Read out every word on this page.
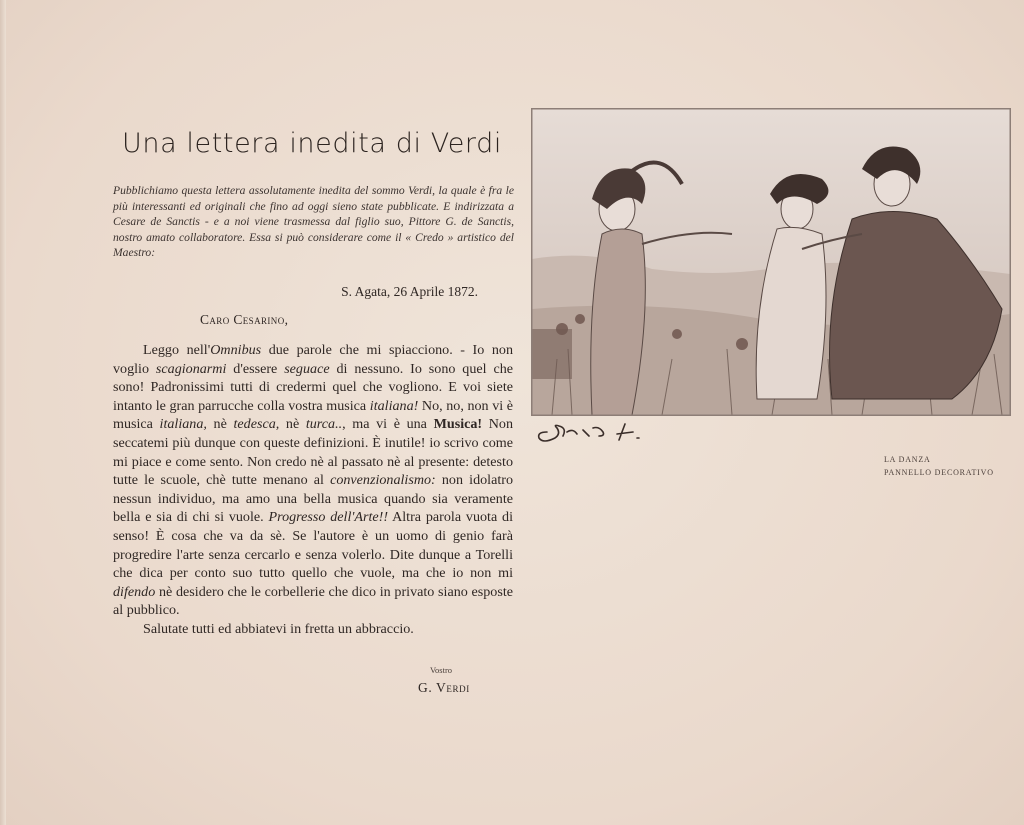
Una lettera inedita di Verdi

Pubblichiamo questa lettera assolutamente inedita del sommo Verdi, la quale è fra le più interessanti ed originali che fino ad oggi sieno state pubblicate. E indirizzata a Cesare de Sanctis - e a noi viene trasmessa dal figlio suo, Pittore G. de Sanctis, nostro amato collaboratore. Essa si può considerare come il « Credo » artistico del Maestro:

S. Agata, 26 Aprile 1872.

Caro Cesarino,

Leggo nell'Omnibus due parole che mi spiacciono. - Io non voglio scagionarmi d'essere seguace di nessuno. Io sono quel che sono! Padronissimi tutti di credermi quel che vogliono. E voi siete intanto le gran parrucche colla vostra musica italiana! No, no, non vi è musica italiana, nè tedesca, nè turca.., ma vi è una Musica! Non seccatemi più dunque con queste definizioni. È inutile! io scrivo come mi piace e come sento. Non credo nè al passato nè al presente: detesto tutte le scuole, chè tutte menano al convenzionalismo: non idolatro nessun individuo, ma amo una bella musica quando sia veramente bella e sia di chi si vuole. Progresso dell'Arte!! Altra parola vuota di senso! È cosa che va da sè. Se l'autore è un uomo di genio farà progredire l'arte senza cercarlo e senza volerlo. Dite dunque a Torelli che dica per conto suo tutto quello che vuole, ma che io non mi difendo nè desidero che le corbellerie che dico in privato siano esposte al pubblico.

Salutate tutti ed abbiatevi in fretta un abbraccio.

Vostro

G. Verdi

LA DANZA
PANNELLO DECORATIVO
